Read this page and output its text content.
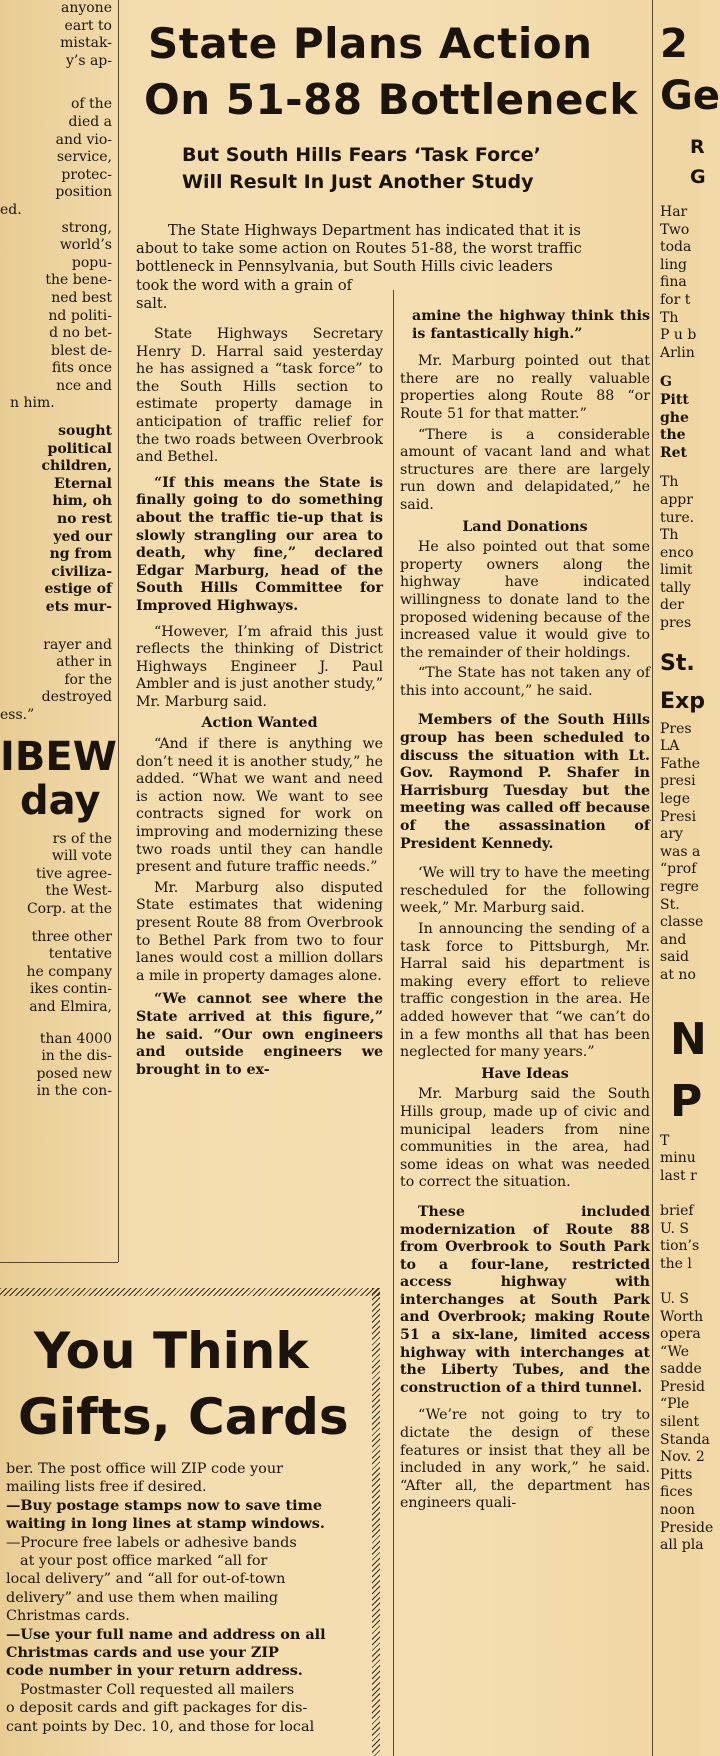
anyone
eart to
mistak-
y’s ap-
of the
died a
and vio-
service,
protec-
position
ed.
strong,
world’s
popu-
the bene-
ned best
nd politi-
d no bet-
blest de-
fits once
nce and
n him.
sought
political
children,
Eternal
him, oh
no rest
yed our
ng from
civiliza-
estige of
ets mur-
rayer and
ather in
for the
destroyed
ess.”
IBEW
day
rs of the
will vote
tive agree-
the West-
Corp. at the
three other
tentative
he company
ikes contin-
and Elmira,
than 4000
in the dis-
posed new
in the con-
State Plans Action
On 51-88 Bottleneck
But South Hills Fears ‘Task Force’
Will Result In Just Another Study
The State Highways Department has indicated that it is
about to take some action on Routes 51-88, the worst traffic
bottleneck in Pennsylvania, but South Hills civic leaders
took the word with a grain of
salt.

State Highways Secretary Henry D. Harral said yesterday he has assigned a “task force” to the South Hills section to estimate property damage in anticipation of traffic relief for the two roads between Overbrook and Bethel.

“If this means the State is finally going to do something about the traffic tie-up that is slowly strangling our area to death, why fine,” declared Edgar Marburg, head of the South Hills Committee for Improved Highways.

“However, I’m afraid this just reflects the thinking of District Highways Engineer J. Paul Ambler and is just another study,” Mr. Marburg said.

Action Wanted

“And if there is anything we don’t need it is another study,” he added. “What we want and need is action now. We want to see contracts signed for work on improving and modernizing these two roads until they can handle present and future traffic needs.”

Mr. Marburg also disputed State estimates that widening present Route 88 from Overbrook to Bethel Park from two to four lanes would cost a million dollars a mile in property damages alone.

“We cannot see where the State arrived at this figure,” he said. “Our own engineers and outside engineers we brought in to ex-

amine the highway think this is fantastically high.”

Mr. Marburg pointed out that there are no really valuable properties along Route 88 “or Route 51 for that matter.”

“There is a considerable amount of vacant land and what structures are there are largely run down and delapidated,” he said.

Land Donations

He also pointed out that some property owners along the highway have indicated willingness to donate land to the proposed widening because of the increased value it would give to the remainder of their holdings.

“The State has not taken any of this into account,” he said.

Members of the South Hills group has been scheduled to discuss the situation with Lt. Gov. Raymond P. Shafer in Harrisburg Tuesday but the meeting was called off because of the assassination of President Kennedy.

‘We will try to have the meeting rescheduled for the following week,” Mr. Marburg said.

In announcing the sending of a task force to Pittsburgh, Mr. Harral said his department is making every effort to relieve traffic congestion in the area. He added however that “we can’t do in a few months all that has been neglected for many years.”

Have Ideas

Mr. Marburg said the South Hills group, made up of civic and municipal leaders from nine communities in the area, had some ideas on what was needed to correct the situation.

These included modernization of Route 88 from Overbrook to South Park to a four-lane, restricted access highway with interchanges at South Park and Overbrook; making Route 51 a six-lane, limited access highway with interchanges at the Liberty Tubes, and the construction of a third tunnel.

“We’re not going to try to dictate the design of these features or insist that they all be included in any work,” he said. “After all, the department has engineers quali-

You Think
Gifts, Cards
ber. The post office will ZIP code your
mailing lists free if desired.
— Buy postage stamps now to save time
waiting in long lines at stamp windows.
— Procure free labels or adhesive bands
at your post office marked “all for
local delivery” and “all for out-of-town
delivery” and use them when mailing
Christmas cards.
— Use your full name and address on all
Christmas cards and use your ZIP
code number in your return address.
Postmaster Coll requested all mailers
o deposit cards and gift packages for dis-
cant points by Dec. 10, and those for local
2
Ge
R
G
Har
Two
toda
ling
fina
for t
Th
P u b
Arlin
G
Pitt
ghe
the
Ret
Th
appr
ture.
Th
enco
limit
tally
der
pres
St.
Exp
Pres
LA
Fathe
presi
lege
Presi
ary
was a
“prof
regre
St.
classe
and
said
at no
N
P
T
minu
last r
brief
U. S
tion’s
the l
U. S
Worth
opera
“We
sadde
Presid
“Ple
silent
Standa
Nov. 2
Pitts
fices
noon
Preside
all pla
